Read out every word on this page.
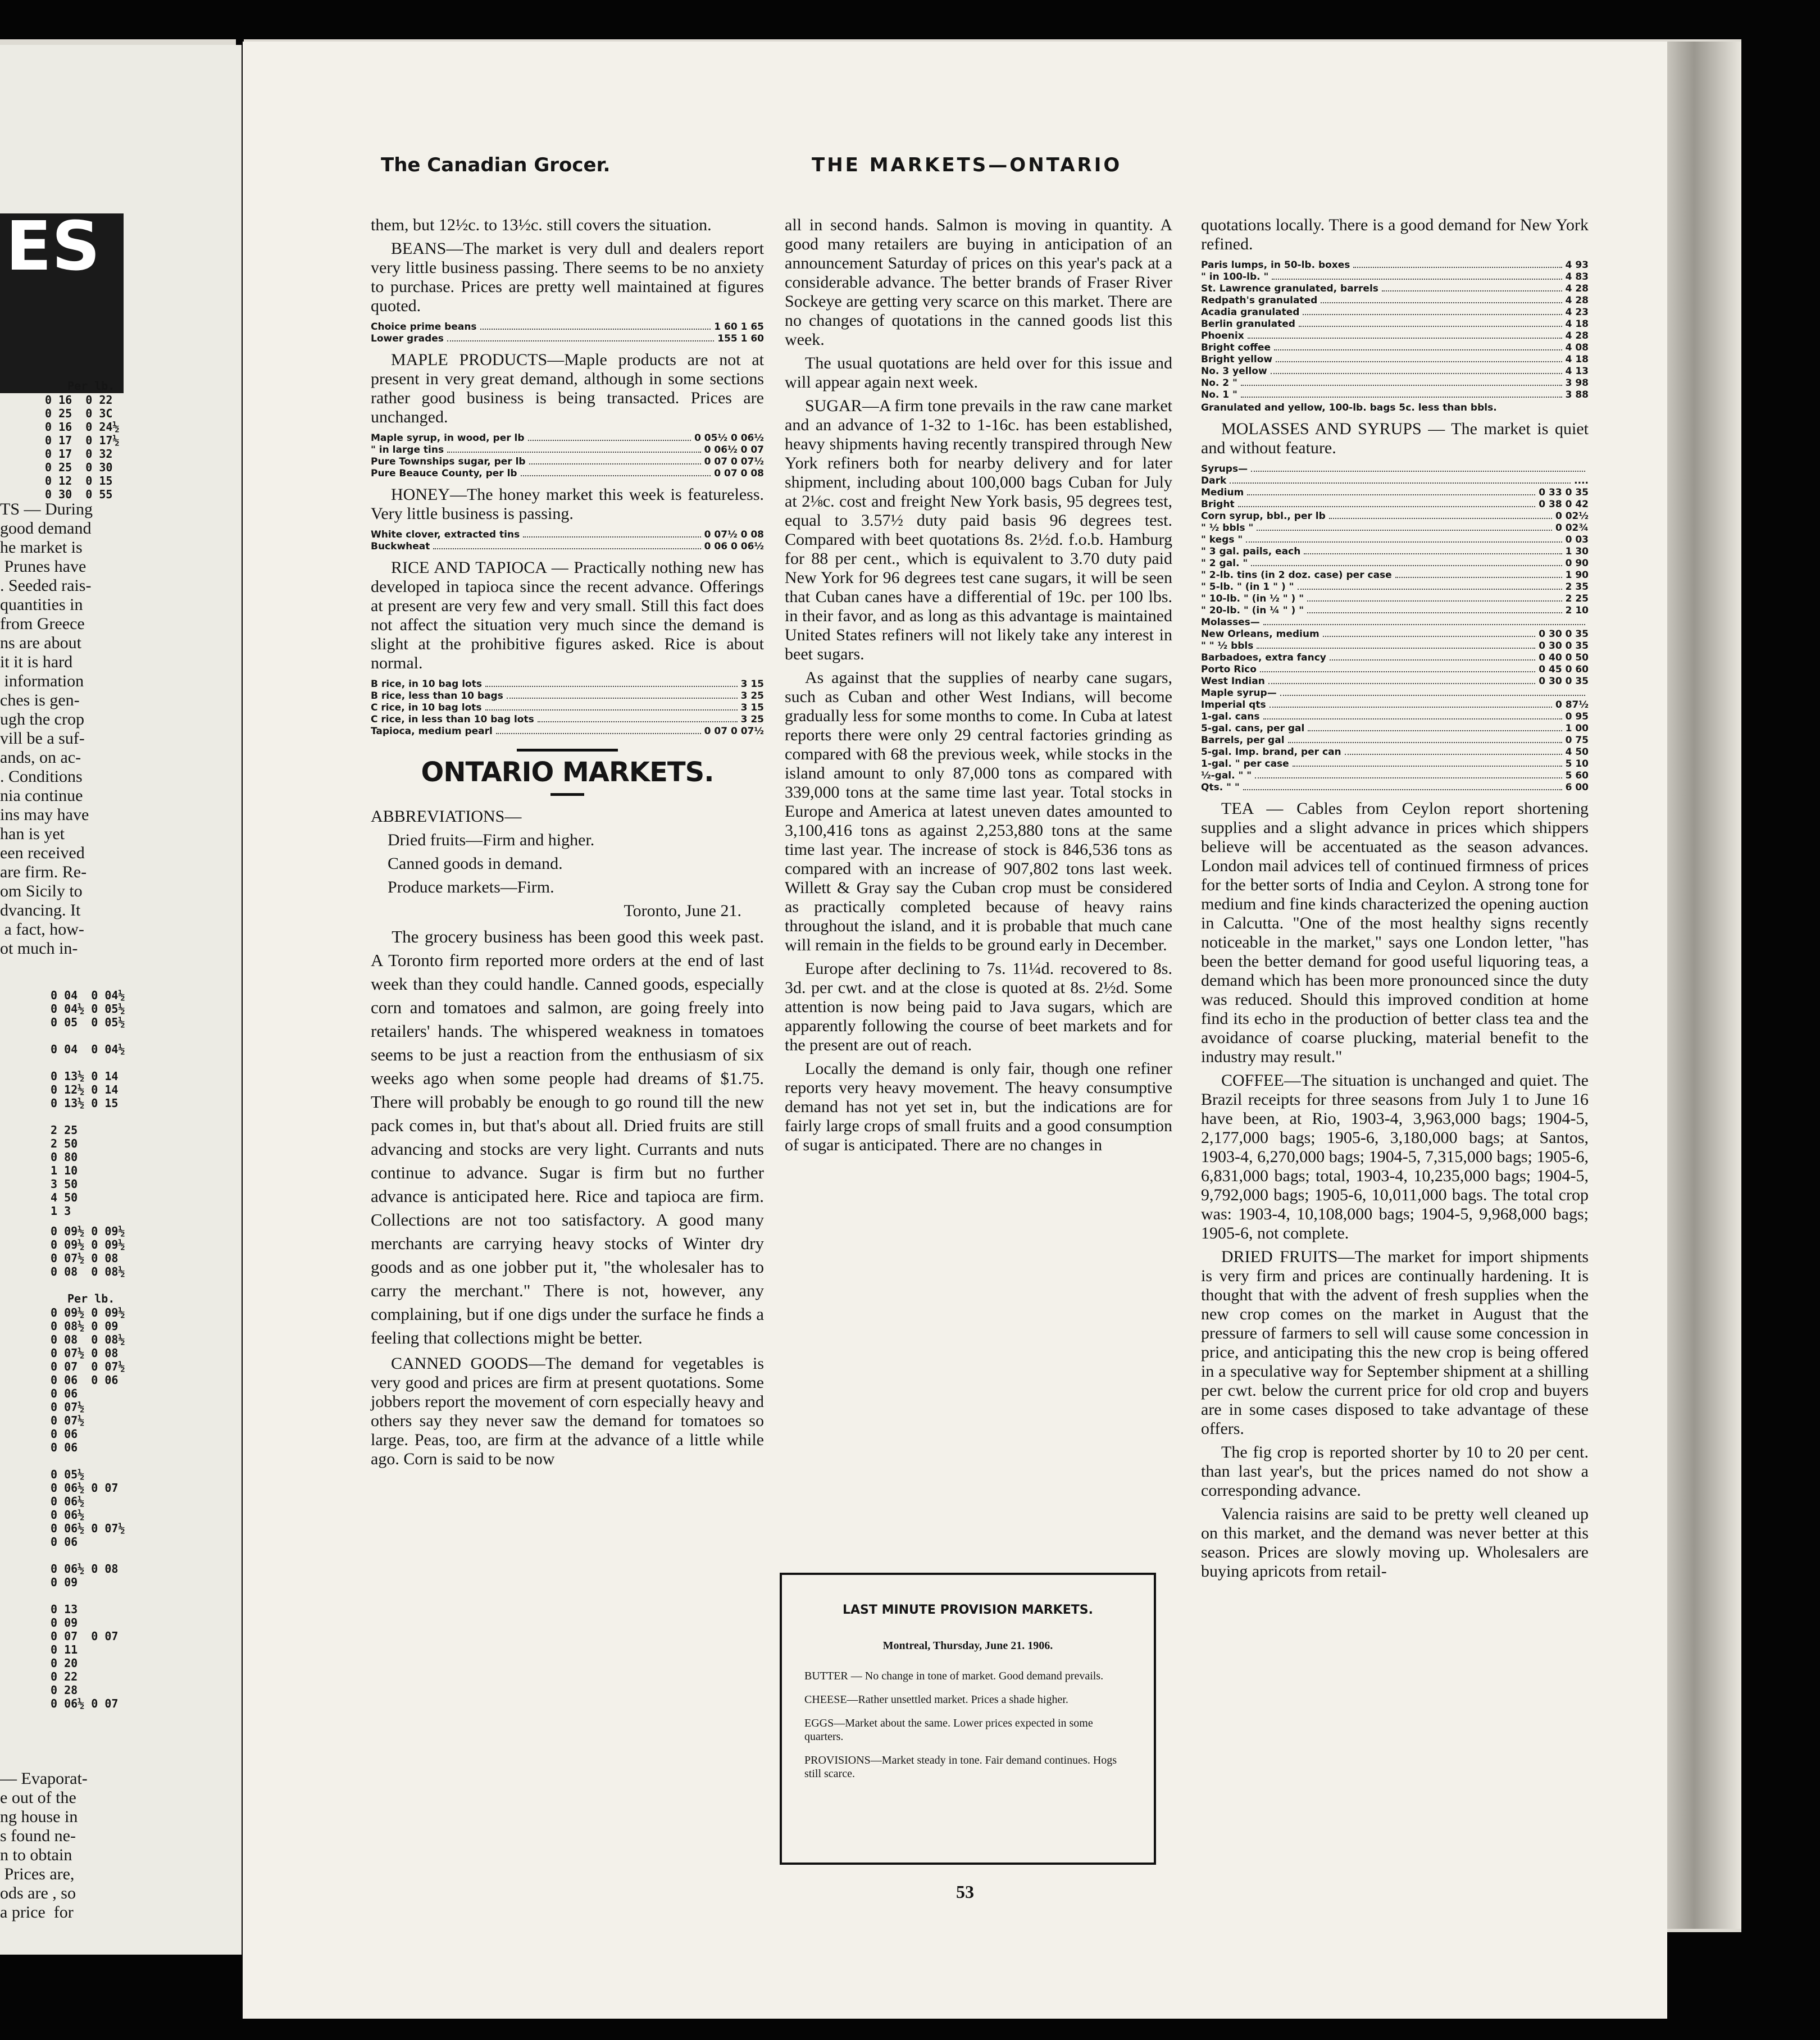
ES
Per lb.
0 16  0 22
0 25  0 3C
0 16  0 24½
0 17  0 17½
0 17  0 32
0 25  0 30
0 12  0 15
0 30  0 55
TS — During
good demand
he market is
Prunes have
. Seeded rais-
quantities in
from Greece
ns are about
it it is hard
information
ches is gen-
ugh the crop
vill be a suf-
ands, on ac-
. Conditions
nia continue
ins may have
han is yet
een received
are firm. Re-
om Sicily to
dvancing. It
a fact, how-
ot much in-
0 04  0 04½
0 04½ 0 05½
0 05  0 05½

0 04  0 04½

0 13½ 0 14
0 12½ 0 14
0 13½ 0 15

2 25
2 50
0 80
1 10
3 50
4 50
1 3
0 09½ 0 09½
0 09½ 0 09½
0 07½ 0 08
0 08  0 08½
Per lb.
0 09½ 0 09½
0 08½ 0 09
0 08  0 08½
0 07½ 0 08
0 07  0 07½
0 06  0 06
0 06
0 07½
0 07½
0 06
0 06

0 05½
0 06½ 0 07
0 06½
0 06½
0 06½ 0 07½
0 06

0 06½ 0 08
0 09

0 13
0 09
0 07  0 07
0 11
0 20
0 22
0 28
0 06½ 0 07
— Evaporat-
e out of the
ng house in
s found ne-
n to obtain
Prices are,
ods are , so
a price  for
The Canadian Grocer.	THE MARKETS—ONTARIO

them, but 12½c. to 13½c. still covers the situation.

BEANS—The market is very dull and dealers report very little business passing. There seems to be no anxiety to purchase. Prices are pretty well maintained at figures quoted.

Choice prime beans	1 60 1 65
Lower grades	155 1 60

MAPLE PRODUCTS—Maple products are not at present in very great demand, although in some sections rather good business is being transacted. Prices are unchanged.

Maple syrup, in wood, per lb	0 05½ 0 06½
" in large tins	0 06½ 0 07
Pure Townships sugar, per lb	0 07 0 07½
Pure Beauce County, per lb	0 07 0 08

HONEY—The honey market this week is featureless. Very little business is passing.

White clover, extracted tins	0 07½ 0 08
Buckwheat	0 06 0 06½

RICE AND TAPIOCA — Practically nothing new has developed in tapioca since the recent advance. Offerings at present are very few and very small. Still this fact does not affect the situation very much since the demand is slight at the prohibitive figures asked. Rice is about normal.

B rice, in 10 bag lots	3 15
B rice, less than 10 bags	3 25
C rice, in 10 bag lots	3 15
C rice, in less than 10 bag lots	3 25
Tapioca, medium pearl	0 07 0 07½
ONTARIO MARKETS.

ABBREVIATIONS—

Dried fruits—Firm and higher.

Canned goods in demand.

Produce markets—Firm.

Toronto, June 21.

The grocery business has been good this week past. A Toronto firm reported more orders at the end of last week than they could handle. Canned goods, especially corn and tomatoes and salmon, are going freely into retailers' hands. The whispered weakness in tomatoes seems to be just a reaction from the enthusiasm of six weeks ago when some people had dreams of $1.75. There will probably be enough to go round till the new pack comes in, but that's about all. Dried fruits are still advancing and stocks are very light. Currants and nuts continue to advance. Sugar is firm but no further advance is anticipated here. Rice and tapioca are firm. Collections are not too satisfactory. A good many merchants are carrying heavy stocks of Winter dry goods and as one jobber put it, "the wholesaler has to carry the merchant." There is not, however, any complaining, but if one digs under the surface he finds a feeling that collections might be better.

CANNED GOODS—The demand for vegetables is very good and prices are firm at present quotations. Some jobbers report the movement of corn especially heavy and others say they never saw the demand for tomatoes so large. Peas, too, are firm at the advance of a little while ago. Corn is said to be now

all in second hands. Salmon is moving in quantity. A good many retailers are buying in anticipation of an announcement Saturday of prices on this year's pack at a considerable advance. The better brands of Fraser River Sockeye are getting very scarce on this market. There are no changes of quotations in the canned goods list this week.

The usual quotations are held over for this issue and will appear again next week.

SUGAR—A firm tone prevails in the raw cane market and an advance of 1-32 to 1-16c. has been established, heavy shipments having recently transpired through New York refiners both for nearby delivery and for later shipment, including about 100,000 bags Cuban for July at 2⅛c. cost and freight New York basis, 95 degrees test, equal to 3.57½ duty paid basis 96 degrees test. Compared with beet quotations 8s. 2½d. f.o.b. Hamburg for 88 per cent., which is equivalent to 3.70 duty paid New York for 96 degrees test cane sugars, it will be seen that Cuban canes have a differential of 19c. per 100 lbs. in their favor, and as long as this advantage is maintained United States refiners will not likely take any interest in beet sugars.

As against that the supplies of nearby cane sugars, such as Cuban and other West Indians, will become gradually less for some months to come. In Cuba at latest reports there were only 29 central factories grinding as compared with 68 the previous week, while stocks in the island amount to only 87,000 tons as compared with 339,000 tons at the same time last year. Total stocks in Europe and America at latest uneven dates amounted to 3,100,416 tons as against 2,253,880 tons at the same time last year. The increase of stock is 846,536 tons as compared with an increase of 907,802 tons last week. Willett & Gray say the Cuban crop must be considered as practically completed because of heavy rains throughout the island, and it is probable that much cane will remain in the fields to be ground early in December.

Europe after declining to 7s. 11¼d. recovered to 8s. 3d. per cwt. and at the close is quoted at 8s. 2½d. Some attention is now being paid to Java sugars, which are apparently following the course of beet markets and for the present are out of reach.

Locally the demand is only fair, though one refiner reports very heavy movement. The heavy consumptive demand has not yet set in, but the indications are for fairly large crops of small fruits and a good consumption of sugar is anticipated. There are no changes in

LAST MINUTE PROVISION MARKETS.
Montreal, Thursday, June 21. 1906.

BUTTER — No change in tone of market. Good demand prevails.

CHEESE—Rather unsettled market. Prices a shade higher.

EGGS—Market about the same. Lower prices expected in some quarters.

PROVISIONS—Market steady in tone. Fair demand continues. Hogs still scarce.

quotations locally. There is a good demand for New York refined.

Paris lumps, in 50-lb. boxes	4 93
" in 100-lb. "	4 83
St. Lawrence granulated, barrels	4 28
Redpath's granulated	4 28
Acadia granulated	4 23
Berlin granulated	4 18
Phoenix	4 28
Bright coffee	4 08
Bright yellow	4 18
No. 3 yellow	4 13
No. 2 "	3 98
No. 1 "	3 88
Granulated and yellow, 100-lb. bags 5c. less than bbls.

MOLASSES AND SYRUPS — The market is quiet and without feature.

Syrups—
Dark	....
Medium	0 33 0 35
Bright	0 38 0 42
Corn syrup, bbl., per lb	0 02½
" ½ bbls "	0 02¾
" kegs "	0 03
" 3 gal. pails, each	1 30
" 2 gal. "	0 90
" 2-lb. tins (in 2 doz. case) per case	1 90
" 5-lb. " (in 1 " ) "	2 35
" 10-lb. " (in ½ " ) "	2 25
" 20-lb. " (in ¼ " ) "	2 10
Molasses—
New Orleans, medium	0 30 0 35
" " ½ bbls	0 30 0 35
Barbadoes, extra fancy	0 40 0 50
Porto Rico	0 45 0 60
West Indian	0 30 0 35
Maple syrup—
Imperial qts	0 87½
1-gal. cans	0 95
5-gal. cans, per gal	1 00
Barrels, per gal	0 75
5-gal. Imp. brand, per can	4 50
1-gal. " per case	5 10
½-gal. " "	5 60
Qts. " "	6 00

TEA — Cables from Ceylon report shortening supplies and a slight advance in prices which shippers believe will be accentuated as the season advances. London mail advices tell of continued firmness of prices for the better sorts of India and Ceylon. A strong tone for medium and fine kinds characterized the opening auction in Calcutta. "One of the most healthy signs recently noticeable in the market," says one London letter, "has been the better demand for good useful liquoring teas, a demand which has been more pronounced since the duty was reduced. Should this improved condition at home find its echo in the production of better class tea and the avoidance of coarse plucking, material benefit to the industry may result."

COFFEE—The situation is unchanged and quiet. The Brazil receipts for three seasons from July 1 to June 16 have been, at Rio, 1903-4, 3,963,000 bags; 1904-5, 2,177,000 bags; 1905-6, 3,180,000 bags; at Santos, 1903-4, 6,270,000 bags; 1904-5, 7,315,000 bags; 1905-6, 6,831,000 bags; total, 1903-4, 10,235,000 bags; 1904-5, 9,792,000 bags; 1905-6, 10,011,000 bags. The total crop was: 1903-4, 10,108,000 bags; 1904-5, 9,968,000 bags; 1905-6, not complete.

DRIED FRUITS—The market for import shipments is very firm and prices are continually hardening. It is thought that with the advent of fresh supplies when the new crop comes on the market in August that the pressure of farmers to sell will cause some concession in price, and anticipating this the new crop is being offered in a speculative way for September shipment at a shilling per cwt. below the current price for old crop and buyers are in some cases disposed to take advantage of these offers.

The fig crop is reported shorter by 10 to 20 per cent. than last year's, but the prices named do not show a corresponding advance.

Valencia raisins are said to be pretty well cleaned up on this market, and the demand was never better at this season. Prices are slowly moving up. Wholesalers are buying apricots from retail-

53
